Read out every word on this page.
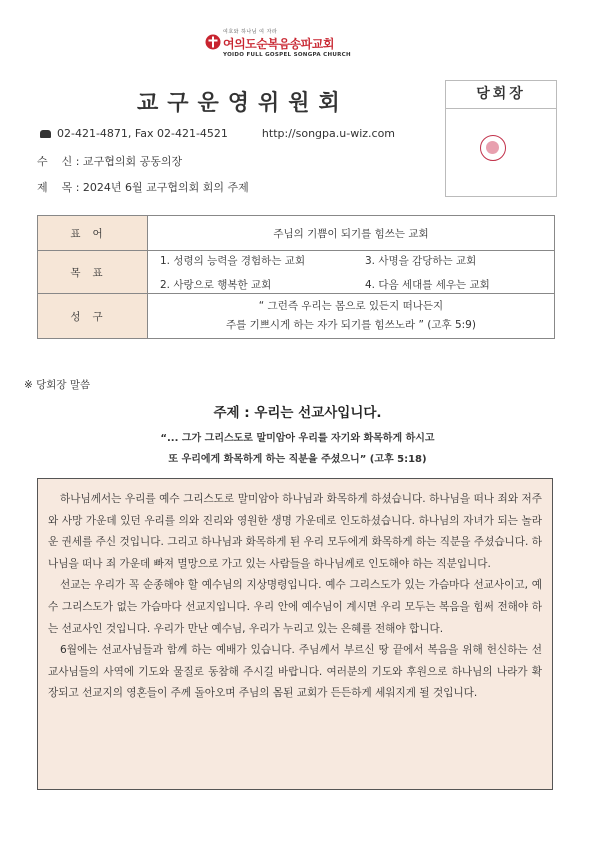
여호와 하나님 여 자라
여의도순복음송파교회
YOIDO FULL GOSPEL SONGPA CHURCH
교구운영위원회	당회장
02-421-4871, Fax 02-421-4521	http://songpa.u-wiz.com
수    신 : 교구협의회 공동의장
제    목 : 2024년 6월 교구협의회 회의 주제
표어	주님의 기쁨이 되기를 힘쓰는 교회
목표	1. 성령의 능력을 경험하는 교회 3. 사명을 감당하는 교회
2. 사랑으로 행복한 교회 4. 다음 세대를 세우는 교회

성구	“ 그런즉 우리는 몸으로 있든지 떠나든지
주를 기쁘시게 하는 자가 되기를 힘쓰노라 ” (고후 5:9)
※ 당회장 말씀
주제 : 우리는 선교사입니다.
“... 그가 그리스도로 말미암아 우리를 자기와 화목하게 하시고
또 우리에게 화목하게 하는 직분을 주셨으니” (고후 5:18)

하나님께서는 우리를 예수 그리스도로 말미암아 하나님과 화목하게 하셨습니다. 하나님을 떠나 죄와 저주와 사망 가운데 있던 우리를 의와 진리와 영원한 생명 가운데로 인도하셨습니다. 하나님의 자녀가 되는 놀라운 권세를 주신 것입니다. 그리고 하나님과 화목하게 된 우리 모두에게 화목하게 하는 직분을 주셨습니다. 하나님을 떠나 죄 가운데 빠져 멸망으로 가고 있는 사람들을 하나님께로 인도해야 하는 직분입니다.

선교는 우리가 꼭 순종해야 할 예수님의 지상명령입니다. 예수 그리스도가 있는 가슴마다 선교사이고, 예수 그리스도가 없는 가슴마다 선교지입니다. 우리 안에 예수님이 계시면 우리 모두는 복음을 힘써 전해야 하는 선교사인 것입니다. 우리가 만난 예수님, 우리가 누리고 있는 은혜를 전해야 합니다.

6월에는 선교사님들과 함께 하는 예배가 있습니다. 주님께서 부르신 땅 끝에서 복음을 위해 헌신하는 선교사님들의 사역에 기도와 물질로 동참해 주시길 바랍니다. 여러분의 기도와 후원으로 하나님의 나라가 확장되고 선교지의 영혼들이 주께 돌아오며 주님의 몸된 교회가 든든하게 세워지게 될 것입니다.
